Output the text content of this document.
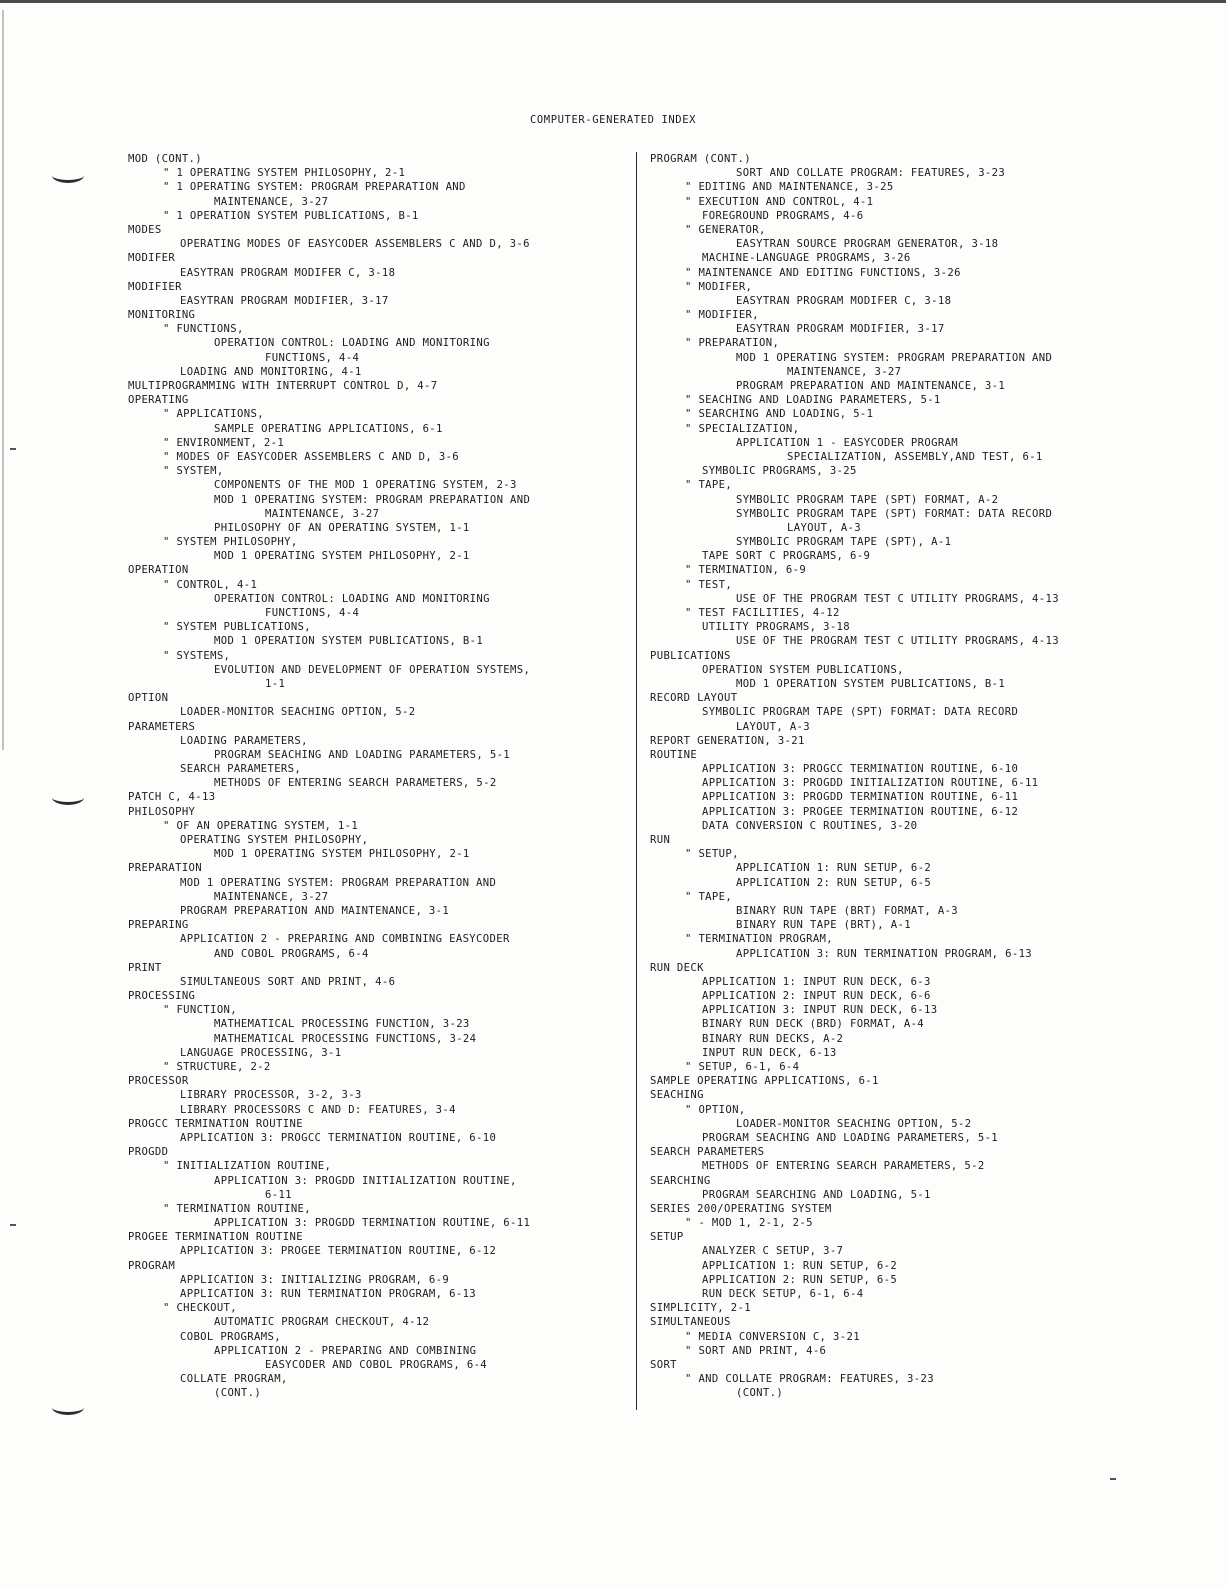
COMPUTER-GENERATED INDEX
MOD (CONT.)
" 1 OPERATING SYSTEM PHILOSOPHY, 2-1
" 1 OPERATING SYSTEM: PROGRAM PREPARATION AND
MAINTENANCE, 3-27
" 1 OPERATION SYSTEM PUBLICATIONS, B-1
MODES
OPERATING MODES OF EASYCODER ASSEMBLERS C AND D, 3-6
MODIFER
EASYTRAN PROGRAM MODIFER C, 3-18
MODIFIER
EASYTRAN PROGRAM MODIFIER, 3-17
MONITORING
" FUNCTIONS,
OPERATION CONTROL: LOADING AND MONITORING
FUNCTIONS, 4-4
LOADING AND MONITORING, 4-1
MULTIPROGRAMMING WITH INTERRUPT CONTROL D, 4-7
OPERATING
" APPLICATIONS,
SAMPLE OPERATING APPLICATIONS, 6-1
" ENVIRONMENT, 2-1
" MODES OF EASYCODER ASSEMBLERS C AND D, 3-6
" SYSTEM,
COMPONENTS OF THE MOD 1 OPERATING SYSTEM, 2-3
MOD 1 OPERATING SYSTEM: PROGRAM PREPARATION AND
MAINTENANCE, 3-27
PHILOSOPHY OF AN OPERATING SYSTEM, 1-1
" SYSTEM PHILOSOPHY,
MOD 1 OPERATING SYSTEM PHILOSOPHY, 2-1
OPERATION
" CONTROL, 4-1
OPERATION CONTROL: LOADING AND MONITORING
FUNCTIONS, 4-4
" SYSTEM PUBLICATIONS,
MOD 1 OPERATION SYSTEM PUBLICATIONS, B-1
" SYSTEMS,
EVOLUTION AND DEVELOPMENT OF OPERATION SYSTEMS,
1-1
OPTION
LOADER-MONITOR SEACHING OPTION, 5-2
PARAMETERS
LOADING PARAMETERS,
PROGRAM SEACHING AND LOADING PARAMETERS, 5-1
SEARCH PARAMETERS,
METHODS OF ENTERING SEARCH PARAMETERS, 5-2
PATCH C, 4-13
PHILOSOPHY
" OF AN OPERATING SYSTEM, 1-1
OPERATING SYSTEM PHILOSOPHY,
MOD 1 OPERATING SYSTEM PHILOSOPHY, 2-1
PREPARATION
MOD 1 OPERATING SYSTEM: PROGRAM PREPARATION AND
MAINTENANCE, 3-27
PROGRAM PREPARATION AND MAINTENANCE, 3-1
PREPARING
APPLICATION 2 - PREPARING AND COMBINING EASYCODER
AND COBOL PROGRAMS, 6-4
PRINT
SIMULTANEOUS SORT AND PRINT, 4-6
PROCESSING
" FUNCTION,
MATHEMATICAL PROCESSING FUNCTION, 3-23
MATHEMATICAL PROCESSING FUNCTIONS, 3-24
LANGUAGE PROCESSING, 3-1
" STRUCTURE, 2-2
PROCESSOR
LIBRARY PROCESSOR, 3-2, 3-3
LIBRARY PROCESSORS C AND D: FEATURES, 3-4
PROGCC TERMINATION ROUTINE
APPLICATION 3: PROGCC TERMINATION ROUTINE, 6-10
PROGDD
" INITIALIZATION ROUTINE,
APPLICATION 3: PROGDD INITIALIZATION ROUTINE,
6-11
" TERMINATION ROUTINE,
APPLICATION 3: PROGDD TERMINATION ROUTINE, 6-11
PROGEE TERMINATION ROUTINE
APPLICATION 3: PROGEE TERMINATION ROUTINE, 6-12
PROGRAM
APPLICATION 3: INITIALIZING PROGRAM, 6-9
APPLICATION 3: RUN TERMINATION PROGRAM, 6-13
" CHECKOUT,
AUTOMATIC PROGRAM CHECKOUT, 4-12
COBOL PROGRAMS,
APPLICATION 2 - PREPARING AND COMBINING
EASYCODER AND COBOL PROGRAMS, 6-4
COLLATE PROGRAM,
(CONT.)
PROGRAM (CONT.)
SORT AND COLLATE PROGRAM: FEATURES, 3-23
" EDITING AND MAINTENANCE, 3-25
" EXECUTION AND CONTROL, 4-1
FOREGROUND PROGRAMS, 4-6
" GENERATOR,
EASYTRAN SOURCE PROGRAM GENERATOR, 3-18
MACHINE-LANGUAGE PROGRAMS, 3-26
" MAINTENANCE AND EDITING FUNCTIONS, 3-26
" MODIFER,
EASYTRAN PROGRAM MODIFER C, 3-18
" MODIFIER,
EASYTRAN PROGRAM MODIFIER, 3-17
" PREPARATION,
MOD 1 OPERATING SYSTEM: PROGRAM PREPARATION AND
MAINTENANCE, 3-27
PROGRAM PREPARATION AND MAINTENANCE, 3-1
" SEACHING AND LOADING PARAMETERS, 5-1
" SEARCHING AND LOADING, 5-1
" SPECIALIZATION,
APPLICATION 1 - EASYCODER PROGRAM
SPECIALIZATION, ASSEMBLY,AND TEST, 6-1
SYMBOLIC PROGRAMS, 3-25
" TAPE,
SYMBOLIC PROGRAM TAPE (SPT) FORMAT, A-2
SYMBOLIC PROGRAM TAPE (SPT) FORMAT: DATA RECORD
LAYOUT, A-3
SYMBOLIC PROGRAM TAPE (SPT), A-1
TAPE SORT C PROGRAMS, 6-9
" TERMINATION, 6-9
" TEST,
USE OF THE PROGRAM TEST C UTILITY PROGRAMS, 4-13
" TEST FACILITIES, 4-12
UTILITY PROGRAMS, 3-18
USE OF THE PROGRAM TEST C UTILITY PROGRAMS, 4-13
PUBLICATIONS
OPERATION SYSTEM PUBLICATIONS,
MOD 1 OPERATION SYSTEM PUBLICATIONS, B-1
RECORD LAYOUT
SYMBOLIC PROGRAM TAPE (SPT) FORMAT: DATA RECORD
LAYOUT, A-3
REPORT GENERATION, 3-21
ROUTINE
APPLICATION 3: PROGCC TERMINATION ROUTINE, 6-10
APPLICATION 3: PROGDD INITIALIZATION ROUTINE, 6-11
APPLICATION 3: PROGDD TERMINATION ROUTINE, 6-11
APPLICATION 3: PROGEE TERMINATION ROUTINE, 6-12
DATA CONVERSION C ROUTINES, 3-20
RUN
" SETUP,
APPLICATION 1: RUN SETUP, 6-2
APPLICATION 2: RUN SETUP, 6-5
" TAPE,
BINARY RUN TAPE (BRT) FORMAT, A-3
BINARY RUN TAPE (BRT), A-1
" TERMINATION PROGRAM,
APPLICATION 3: RUN TERMINATION PROGRAM, 6-13
RUN DECK
APPLICATION 1: INPUT RUN DECK, 6-3
APPLICATION 2: INPUT RUN DECK, 6-6
APPLICATION 3: INPUT RUN DECK, 6-13
BINARY RUN DECK (BRD) FORMAT, A-4
BINARY RUN DECKS, A-2
INPUT RUN DECK, 6-13
" SETUP, 6-1, 6-4
SAMPLE OPERATING APPLICATIONS, 6-1
SEACHING
" OPTION,
LOADER-MONITOR SEACHING OPTION, 5-2
PROGRAM SEACHING AND LOADING PARAMETERS, 5-1
SEARCH PARAMETERS
METHODS OF ENTERING SEARCH PARAMETERS, 5-2
SEARCHING
PROGRAM SEARCHING AND LOADING, 5-1
SERIES 200/OPERATING SYSTEM
" - MOD 1, 2-1, 2-5
SETUP
ANALYZER C SETUP, 3-7
APPLICATION 1: RUN SETUP, 6-2
APPLICATION 2: RUN SETUP, 6-5
RUN DECK SETUP, 6-1, 6-4
SIMPLICITY, 2-1
SIMULTANEOUS
" MEDIA CONVERSION C, 3-21
" SORT AND PRINT, 4-6
SORT
" AND COLLATE PROGRAM: FEATURES, 3-23
(CONT.)
